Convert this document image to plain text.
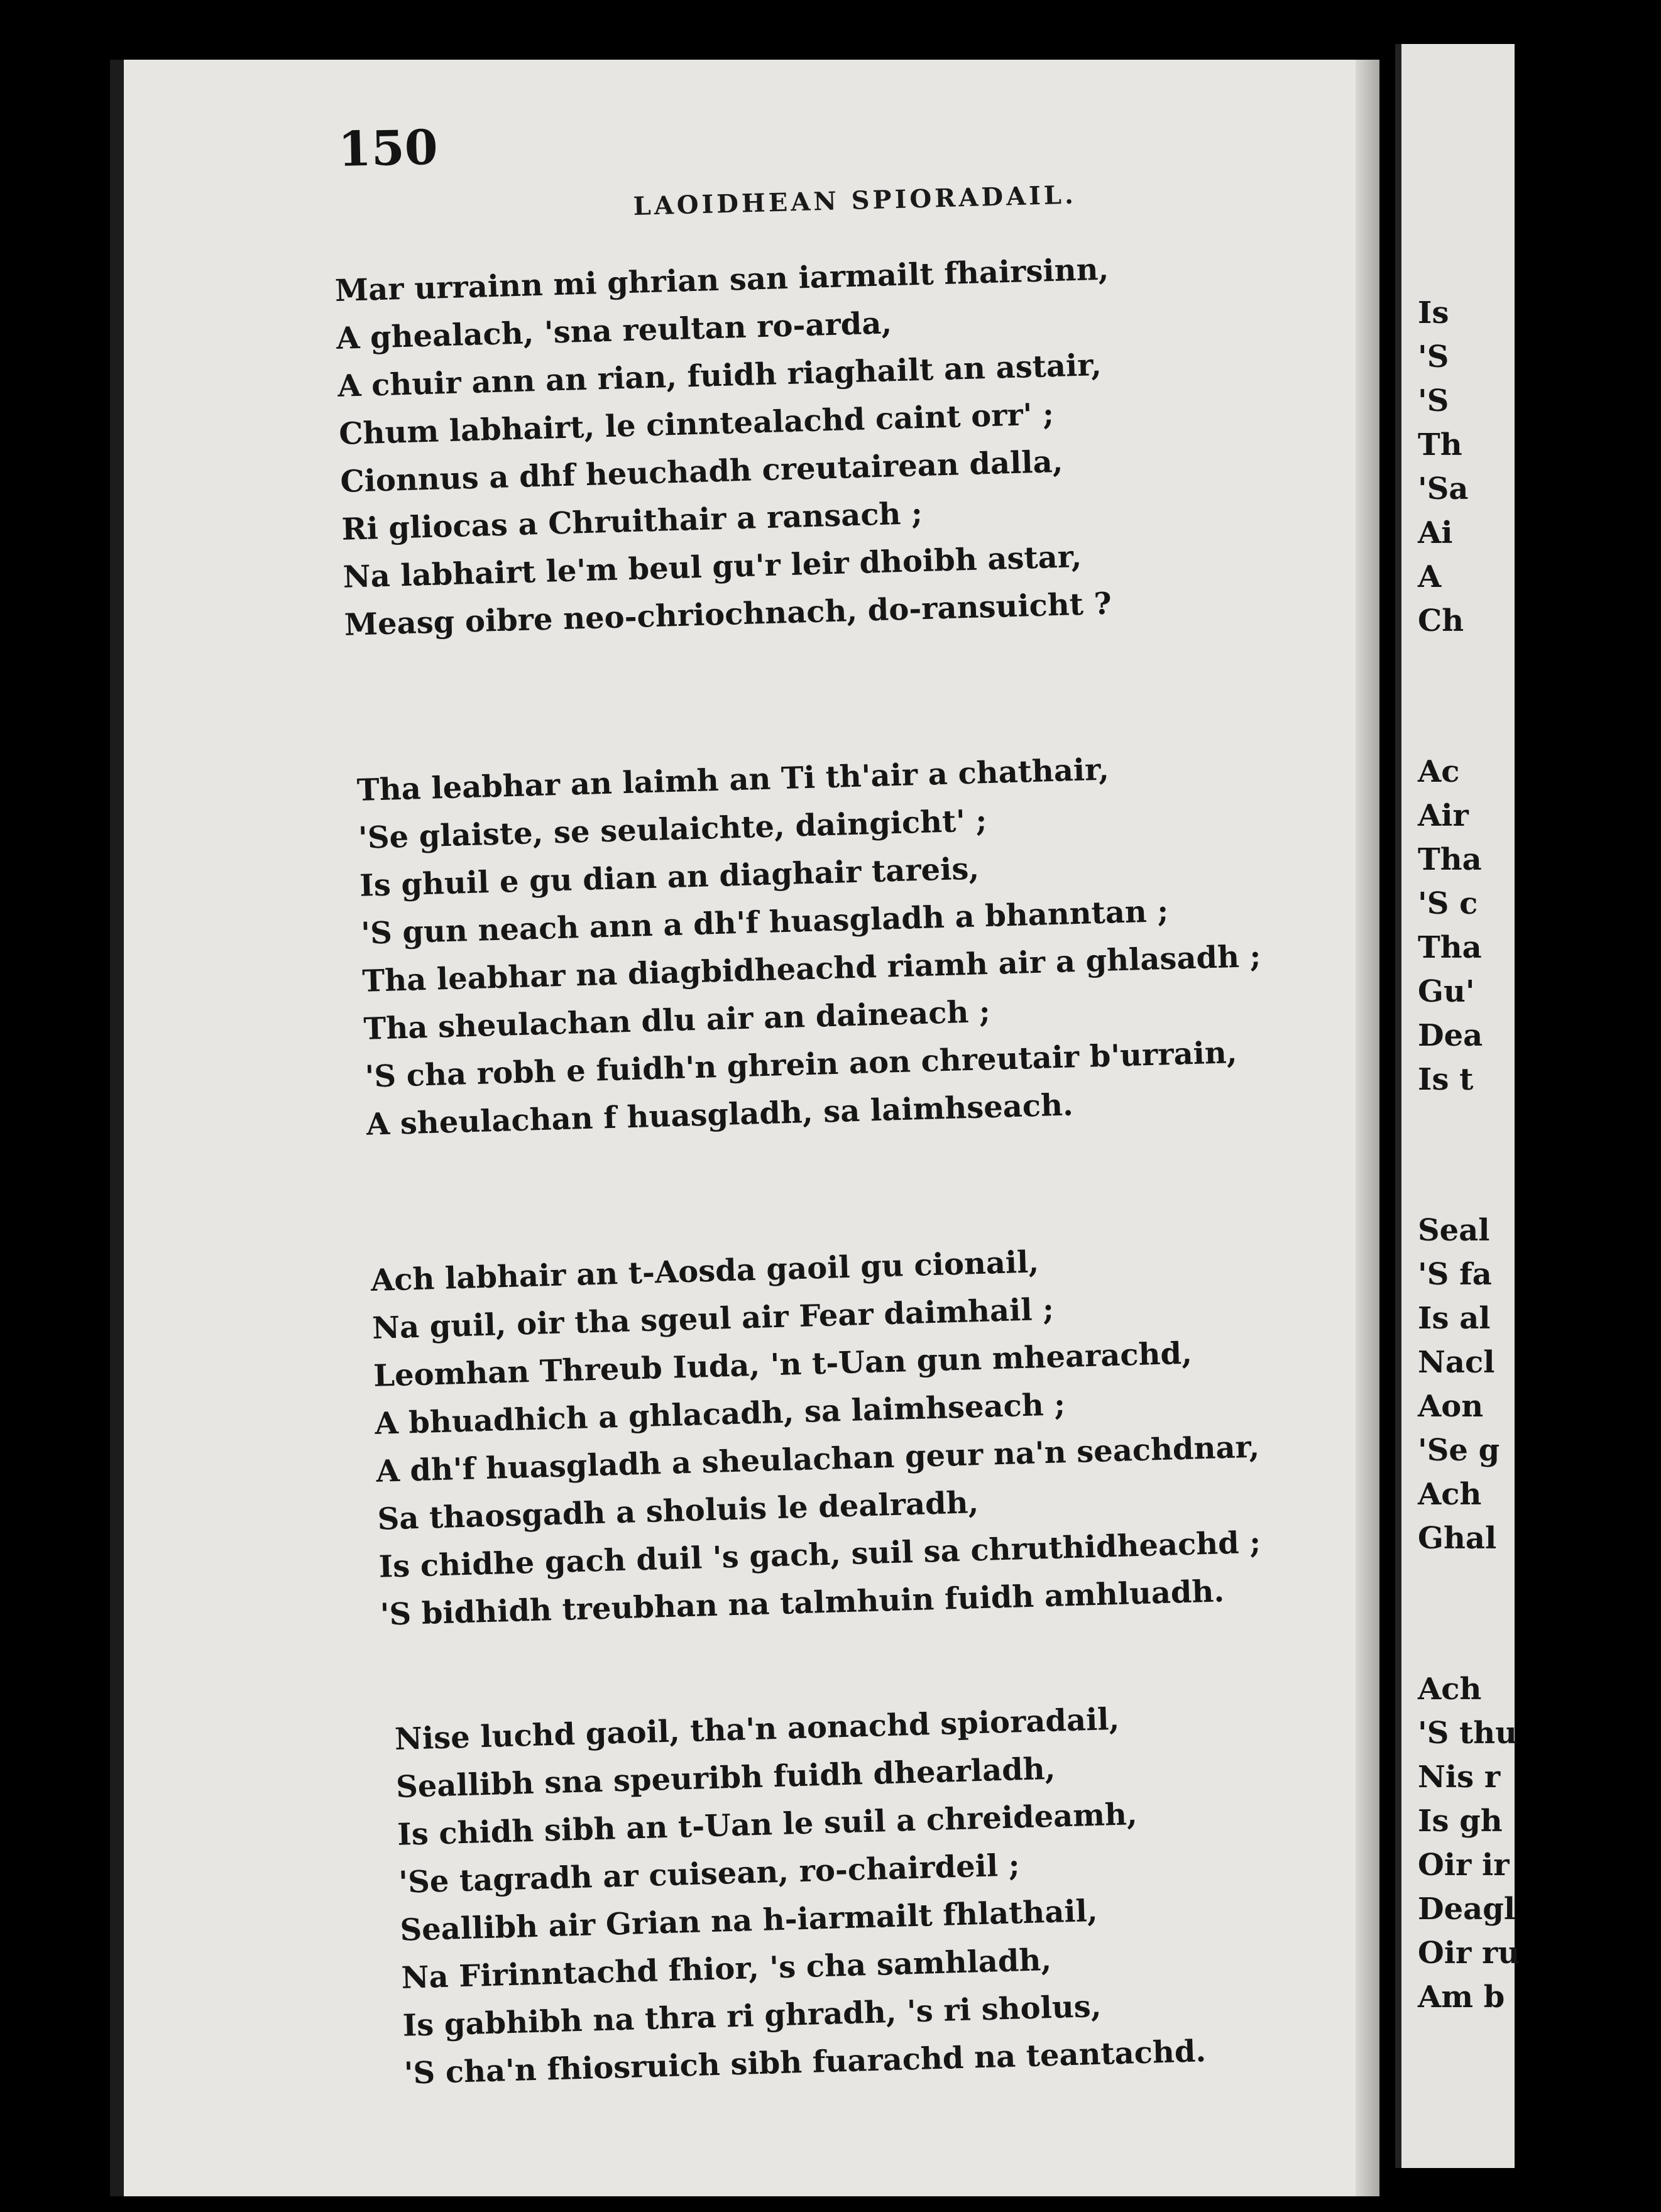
150
LAOIDHEAN SPIORADAIL.
Mar urrainn mi ghrian san iarmailt fhairsinn,
A ghealach, 'sna reultan ro-arda,
A chuir ann an rian, fuidh riaghailt an astair,
Chum labhairt, le cinntealachd caint orr' ;
Cionnus a dhf heuchadh creutairean dalla,
Ri gliocas a Chruithair a ransach ;
Na labhairt le'm beul gu'r leir dhoibh astar,
Measg oibre neo-chriochnach, do-ransuicht ?
Tha leabhar an laimh an Ti th'air a chathair,
'Se glaiste, se seulaichte, daingicht' ;
Is ghuil e gu dian an diaghair tareis,
'S gun neach ann a dh'f huasgladh a bhanntan ;
Tha leabhar na diagbidheachd riamh air a ghlasadh ;
Tha sheulachan dlu air an daineach ;
'S cha robh e fuidh'n ghrein aon chreutair b'urrain,
A sheulachan f huasgladh, sa laimhseach.
Ach labhair an t-Aosda gaoil gu cionail,
Na guil, oir tha sgeul air Fear daimhail ;
Leomhan Threub Iuda, 'n t-Uan gun mhearachd,
A bhuadhich a ghlacadh, sa laimhseach ;
A dh'f huasgladh a sheulachan geur na'n seachdnar,
Sa thaosgadh a sholuis le dealradh,
Is chidhe gach duil 's gach, suil sa chruthidheachd ;
'S bidhidh treubhan na talmhuin fuidh amhluadh.
Nise luchd gaoil, tha'n aonachd spioradail,
Seallibh sna speuribh fuidh dhearladh,
Is chidh sibh an t-Uan le suil a chreideamh,
'Se tagradh ar cuisean, ro-chairdeil ;
Seallibh air Grian na h-iarmailt fhlathail,
Na Firinntachd fhior, 's cha samhladh,
Is gabhibh na thra ri ghradh, 's ri sholus,
'S cha'n fhiosruich sibh fuarachd na teantachd.
Is
'S
'S
Th
'Sa
Ai
A
Ch
Ac
Air
Tha
'S c
Tha
Gu'
Dea
Is t
Seal
'S fa
Is al
Nacl
Aon
'Se g
Ach
Ghal
Ach
'S thu
Nis r
Is gh
Oir ir
Deagl
Oir ru
Am b
